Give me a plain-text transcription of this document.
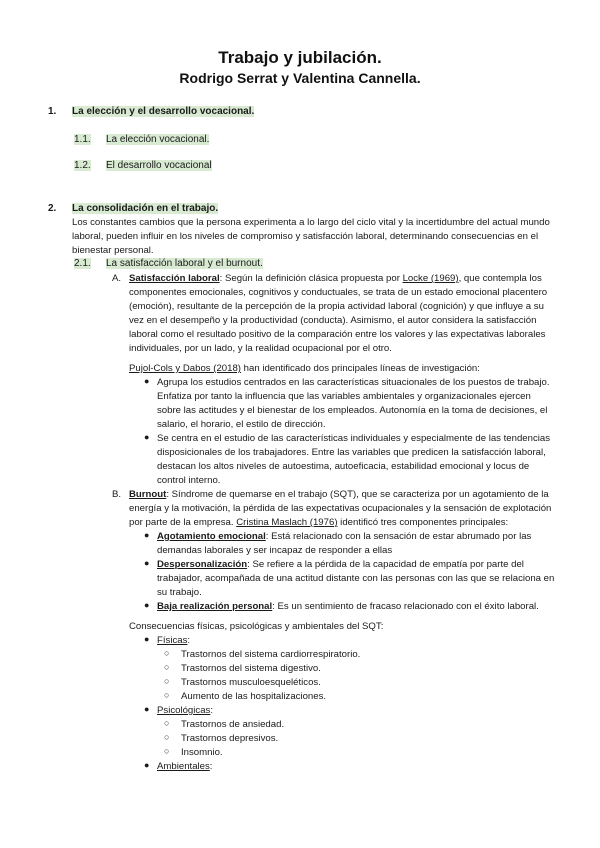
Trabajo y jubilación.
Rodrigo Serrat y Valentina Cannella.
1. La elección y el desarrollo vocacional.
1.1. La elección vocacional.
1.2. El desarrollo vocacional
2. La consolidación en el trabajo.
Los constantes cambios que la persona experimenta a lo largo del ciclo vital y la incertidumbre del actual mundo laboral, pueden influir en los niveles de compromiso y satisfacción laboral, determinando consecuencias en el bienestar personal.
2.1. La satisfacción laboral y el burnout.
A. Satisfacción laboral: Según la definición clásica propuesta por Locke (1969), que contempla los componentes emocionales, cognitivos y conductuales, se trata de un estado emocional placentero (emoción), resultante de la percepción de la propia actividad laboral (cognición) y que influye a su vez en el desempeño y la productividad (conducta). Asimismo, el autor considera la satisfacción laboral como el resultado positivo de la comparación entre los valores y las expectativas laborales individuales, por un lado, y la realidad ocupacional por el otro.
Pujol-Cols y Dabos (2018) han identificado dos principales líneas de investigación:
● Agrupa los estudios centrados en las características situacionales de los puestos de trabajo. Enfatiza por tanto la influencia que las variables ambientales y organizacionales ejercen sobre las actitudes y el bienestar de los empleados. Autonomía en la toma de decisiones, el salario, el horario, el estilo de dirección.
● Se centra en el estudio de las características individuales y especialmente de las tendencias disposicionales de los trabajadores. Entre las variables que predicen la satisfacción laboral, destacan los altos niveles de autoestima, autoeficacia, estabilidad emocional y locus de control interno.
B. Burnout: Síndrome de quemarse en el trabajo (SQT), que se caracteriza por un agotamiento de la energía y la motivación, la pérdida de las expectativas ocupacionales y la sensación de explotación por parte de la empresa. Cristina Maslach (1976) identificó tres componentes principales:
● Agotamiento emocional: Está relacionado con la sensación de estar abrumado por las demandas laborales y ser incapaz de responder a ellas
● Despersonalización: Se refiere a la pérdida de la capacidad de empatía por parte del trabajador, acompañada de una actitud distante con las personas con las que se relaciona en su trabajo.
● Baja realización personal: Es un sentimiento de fracaso relacionado con el éxito laboral.
Consecuencias físicas, psicológicas y ambientales del SQT:
● Físicas:
○ Trastornos del sistema cardiorrespiratorio.
○ Trastornos del sistema digestivo.
○ Trastornos musculoesqueléticos.
○ Aumento de las hospitalizaciones.
● Psicológicas:
○ Trastornos de ansiedad.
○ Trastornos depresivos.
○ Insomnio.
● Ambientales:
